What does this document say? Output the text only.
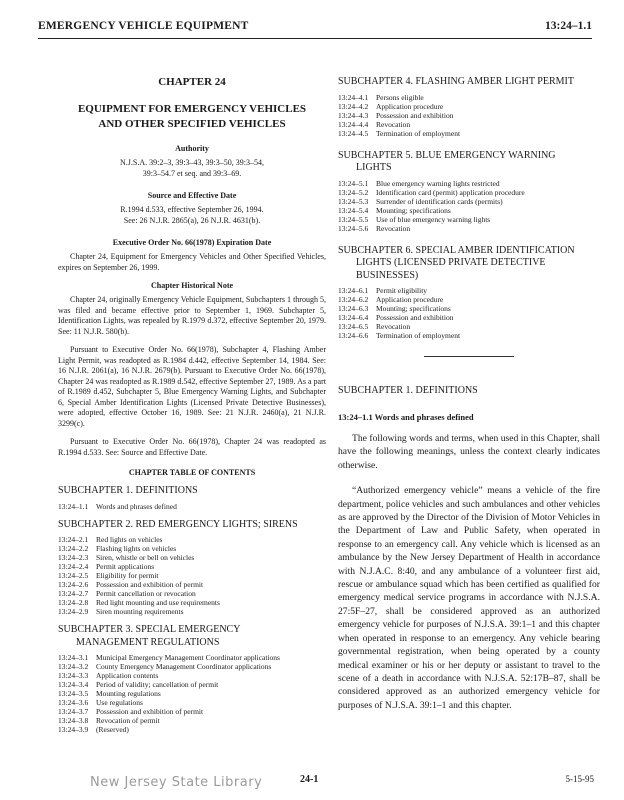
EMERGENCY VEHICLE EQUIPMENT	13:24–1.1
CHAPTER 24
EQUIPMENT FOR EMERGENCY VEHICLES
AND OTHER SPECIFIED VEHICLES
Authority
N.J.S.A. 39:2–3, 39:3–43, 39:3–50, 39:3–54,
39:3–54.7 et seq. and 39:3–69.
Source and Effective Date
R.1994 d.533, effective September 26, 1994.
See: 26 N.J.R. 2865(a), 26 N.J.R. 4631(b).
Executive Order No. 66(1978) Expiration Date

Chapter 24, Equipment for Emergency Vehicles and Other Specified Vehicles, expires on September 26, 1999.

Chapter Historical Note

Chapter 24, originally Emergency Vehicle Equipment, Subchapters 1 through 5, was filed and became effective prior to September 1, 1969. Subchapter 5, Identification Lights, was repealed by R.1979 d.372, effective September 20, 1979. See: 11 N.J.R. 580(b).

Pursuant to Executive Order No. 66(1978), Subchapter 4, Flashing Amber Light Permit, was readopted as R.1984 d.442, effective September 14, 1984. See: 16 N.J.R. 2061(a), 16 N.J.R. 2679(b). Pursuant to Executive Order No. 66(1978), Chapter 24 was readopted as R.1989 d.542, effective September 27, 1989. As a part of R.1989 d.452, Subchapter 5, Blue Emergency Warning Lights, and Subchapter 6, Special Amber Identification Lights (Licensed Private Detective Businesses), were adopted, effective October 16, 1989. See: 21 N.J.R. 2460(a), 21 N.J.R. 3299(c).

Pursuant to Executive Order No. 66(1978), Chapter 24 was readopted as R.1994 d.533. See: Source and Effective Date.

CHAPTER TABLE OF CONTENTS
SUBCHAPTER 1. DEFINITIONS
13:24–1.1	Words and phrases defined
SUBCHAPTER 2. RED EMERGENCY LIGHTS; SIRENS
13:24–2.1	Red lights on vehicles
13:24–2.2	Flashing lights on vehicles
13:24–2.3	Siren, whistle or bell on vehicles
13:24–2.4	Permit applications
13:24–2.5	Eligibility for permit
13:24–2.6	Possession and exhibition of permit
13:24–2.7	Permit cancellation or revocation
13:24–2.8	Red light mounting and use requirements
13:24–2.9	Siren mounting requirements
SUBCHAPTER 3. SPECIAL EMERGENCY
MANAGEMENT REGULATIONS
13:24–3.1	Municipal Emergency Management Coordinator applications
13:24–3.2	County Emergency Management Coordinator applications
13:24–3.3	Application contents
13:24–3.4	Period of validity; cancellation of permit
13:24–3.5	Mounting regulations
13:24–3.6	Use regulations
13:24–3.7	Possession and exhibition of permit
13:24–3.8	Revocation of permit
13:24–3.9	(Reserved)
SUBCHAPTER 4. FLASHING AMBER LIGHT PERMIT
13:24–4.1	Persons eligible
13:24–4.2	Application procedure
13:24–4.3	Possession and exhibition
13:24–4.4	Revocation
13:24–4.5	Termination of employment
SUBCHAPTER 5. BLUE EMERGENCY WARNING
LIGHTS
13:24–5.1	Blue emergency warning lights restricted
13:24–5.2	Identification card (permit) application procedure
13:24–5.3	Surrender of identification cards (permits)
13:24–5.4	Mounting; specifications
13:24–5.5	Use of blue emergency warning lights
13:24–5.6	Revocation
SUBCHAPTER 6. SPECIAL AMBER IDENTIFICATION
LIGHTS (LICENSED PRIVATE DETECTIVE
BUSINESSES)
13:24–6.1	Permit eligibility
13:24–6.2	Application procedure
13:24–6.3	Mounting; specifications
13:24–6.4	Possession and exhibition
13:24–6.5	Revocation
13:24–6.6	Termination of employment
SUBCHAPTER 1. DEFINITIONS
13:24–1.1 Words and phrases defined

The following words and terms, when used in this Chapter, shall have the following meanings, unless the context clearly indicates otherwise.

“Authorized emergency vehicle” means a vehicle of the fire department, police vehicles and such ambulances and other vehicles as are approved by the Director of the Division of Motor Vehicles in the Department of Law and Public Safety, when operated in response to an emergency call. Any vehicle which is licensed as an ambulance by the New Jersey Department of Health in accordance with N.J.A.C. 8:40, and any ambulance of a volunteer first aid, rescue or ambulance squad which has been certified as qualified for emergency medical service programs in accordance with N.J.S.A. 27:5F–27, shall be considered approved as an authorized emergency vehicle for purposes of N.J.S.A. 39:1–1 and this chapter when operated in response to an emergency. Any vehicle bearing governmental registration, when being operated by a county medical examiner or his or her deputy or assistant to travel to the scene of a death in accordance with N.J.S.A. 52:17B–87, shall be considered approved as an authorized emergency vehicle for purposes of N.J.S.A. 39:1–1 and this chapter.

New Jersey State Library	24-1	5-15-95
